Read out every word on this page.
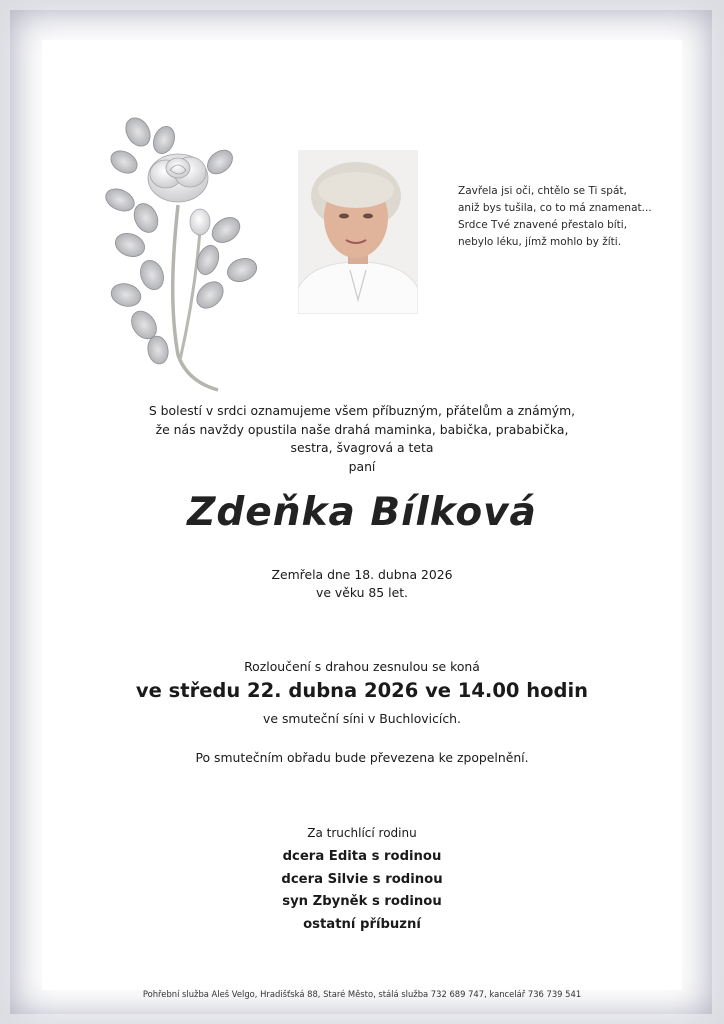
Zavřela jsi oči, chtělo se Ti spát,
aniž bys tušila, co to má znamenat...
Srdce Tvé znavené přestalo bíti,
nebylo léku, jímž mohlo by žíti.
S bolestí v srdci oznamujeme všem příbuzným, přátelům a známým,
že nás navždy opustila naše drahá maminka, babička, prababička,
sestra, švagrová a teta
paní
Zdeňka Bílková
Zemřela dne 18. dubna 2026
ve věku 85 let.
Rozloučení s drahou zesnulou se koná
ve středu 22. dubna 2026 ve 14.00 hodin
ve smuteční síni v Buchlovicích.
Po smutečním obřadu bude převezena ke zpopelnění.
Za truchlící rodinu
dcera Edita s rodinou
dcera Silvie s rodinou
syn Zbyněk s rodinou
ostatní příbuzní
Pohřební služba Aleš Velgo, Hradišťská 88, Staré Město, stálá služba 732 689 747, kancelář 736 739 541
